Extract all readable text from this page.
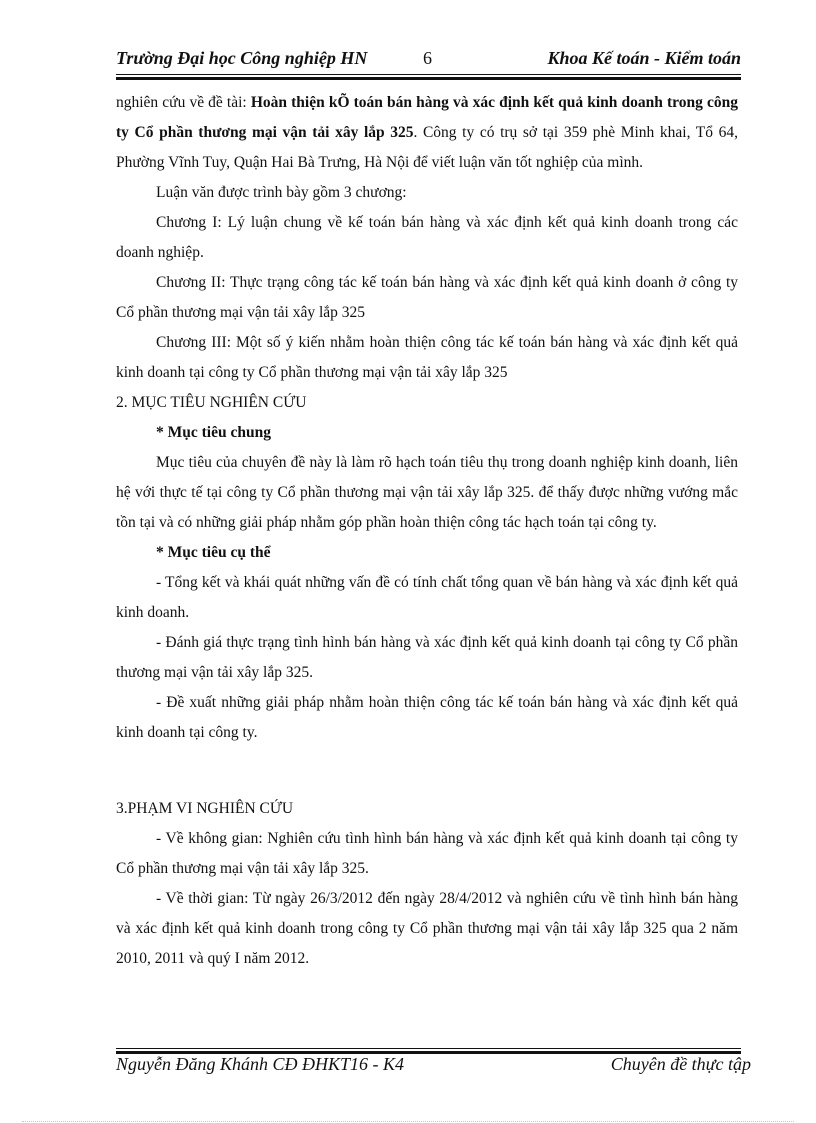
Trường Đại học Công nghiệp HN	6	Khoa Kế toán - Kiểm toán

nghiên cứu về đề tài: Hoàn thiện kÕ toán bán hàng và xác định kết quả kinh doanh trong công ty Cổ phần thương mại vận tải xây lắp 325. Công ty có trụ sở tại 359 phè Minh khai, Tổ 64, Phường Vĩnh Tuy, Quận Hai Bà Trưng, Hà Nội để viết luận văn tốt nghiệp của mình.

Luận văn được trình bày gồm 3 chương:

Chương I: Lý luận chung về kế toán bán hàng và xác định kết quả kinh doanh trong các doanh nghiệp.

Chương II: Thực trạng công tác kế toán bán hàng và xác định kết quả kinh doanh ở công ty Cổ phần thương mại vận tải xây lắp 325

Chương III: Một số ý kiến nhằm hoàn thiện công tác kế toán bán hàng và xác định kết quả kinh doanh tại công ty Cổ phần thương mại vận tải xây lắp 325

2. MỤC TIÊU NGHIÊN CỨU

* Mục tiêu chung

Mục tiêu của chuyên đề này là làm rõ hạch toán tiêu thụ trong doanh nghiệp kinh doanh, liên hệ với thực tế tại công ty Cổ phần thương mại vận tải xây lắp 325. để thấy được những vướng mắc tồn tại và có những giải pháp nhằm góp phần hoàn thiện công tác hạch toán tại công ty.

* Mục tiêu cụ thể

- Tổng kết và khái quát những vấn đề có tính chất tổng quan về bán hàng và xác định kết quả kinh doanh.

- Đánh giá thực trạng tình hình bán hàng và xác định kết quả kinh doanh tại công ty Cổ phần thương mại vận tải xây lắp 325.

- Đề xuất những giải pháp nhằm hoàn thiện công tác kế toán bán hàng và xác định kết quả kinh doanh tại công ty.

3.PHẠM VI NGHIÊN CỨU

- Về không gian: Nghiên cứu tình hình bán hàng và xác định kết quả kinh doanh tại công ty Cổ phần thương mại vận tải xây lắp 325.

- Về thời gian: Từ ngày 26/3/2012 đến ngày 28/4/2012 và nghiên cứu về tình hình bán hàng và xác định kết quả kinh doanh trong công ty Cổ phần thương mại vận tải xây lắp 325 qua 2 năm 2010, 2011 và quý I năm 2012.

Nguyễn Đăng Khánh CĐ ĐHKT16 - K4	Chuyên đề thực tập
